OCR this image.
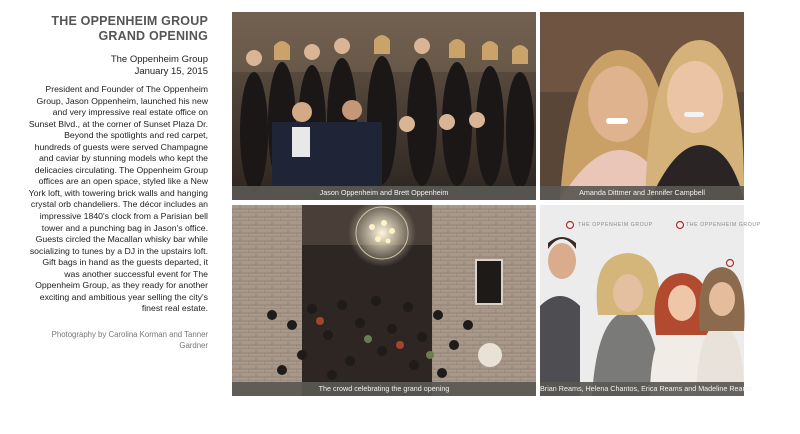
THE OPPENHEIM GROUP GRAND OPENING
The Oppenheim Group
January 15, 2015
President and Founder of The Oppenheim Group, Jason Oppenheim, launched his new and very impressive real estate office on Sunset Blvd., at the corner of Sunset Plaza Dr. Beyond the spotlights and red carpet, hundreds of guests were served Champagne and caviar by stunning models who kept the delicacies circulating. The Oppenheim Group offices are an open space, styled like a New York loft, with towering brick walls and hanging crystal orb chandeliers. The décor includes an impressive 1840's clock from a Parisian bell tower and a punching bag in Jason's office. Guests circled the Macallan whisky bar while socializing to tunes by a DJ in the upstairs loft. Gift bags in hand as the guests departed, it was another successful event for The Oppenheim Group, as they ready for another exciting and ambitious year selling the city's finest real estate.
Photography by Carolina Korman and Tanner Gardner
Jason Oppenheim and Brett Oppenheim	Amanda Dittmer and Jennifer Campbell
The crowd celebrating the grand opening
THE OPPENHEIM GROUP	THE OPPENHEIM GROUP
Brian Reams, Helena Chantos, Erica Reams and Madeline Reams
